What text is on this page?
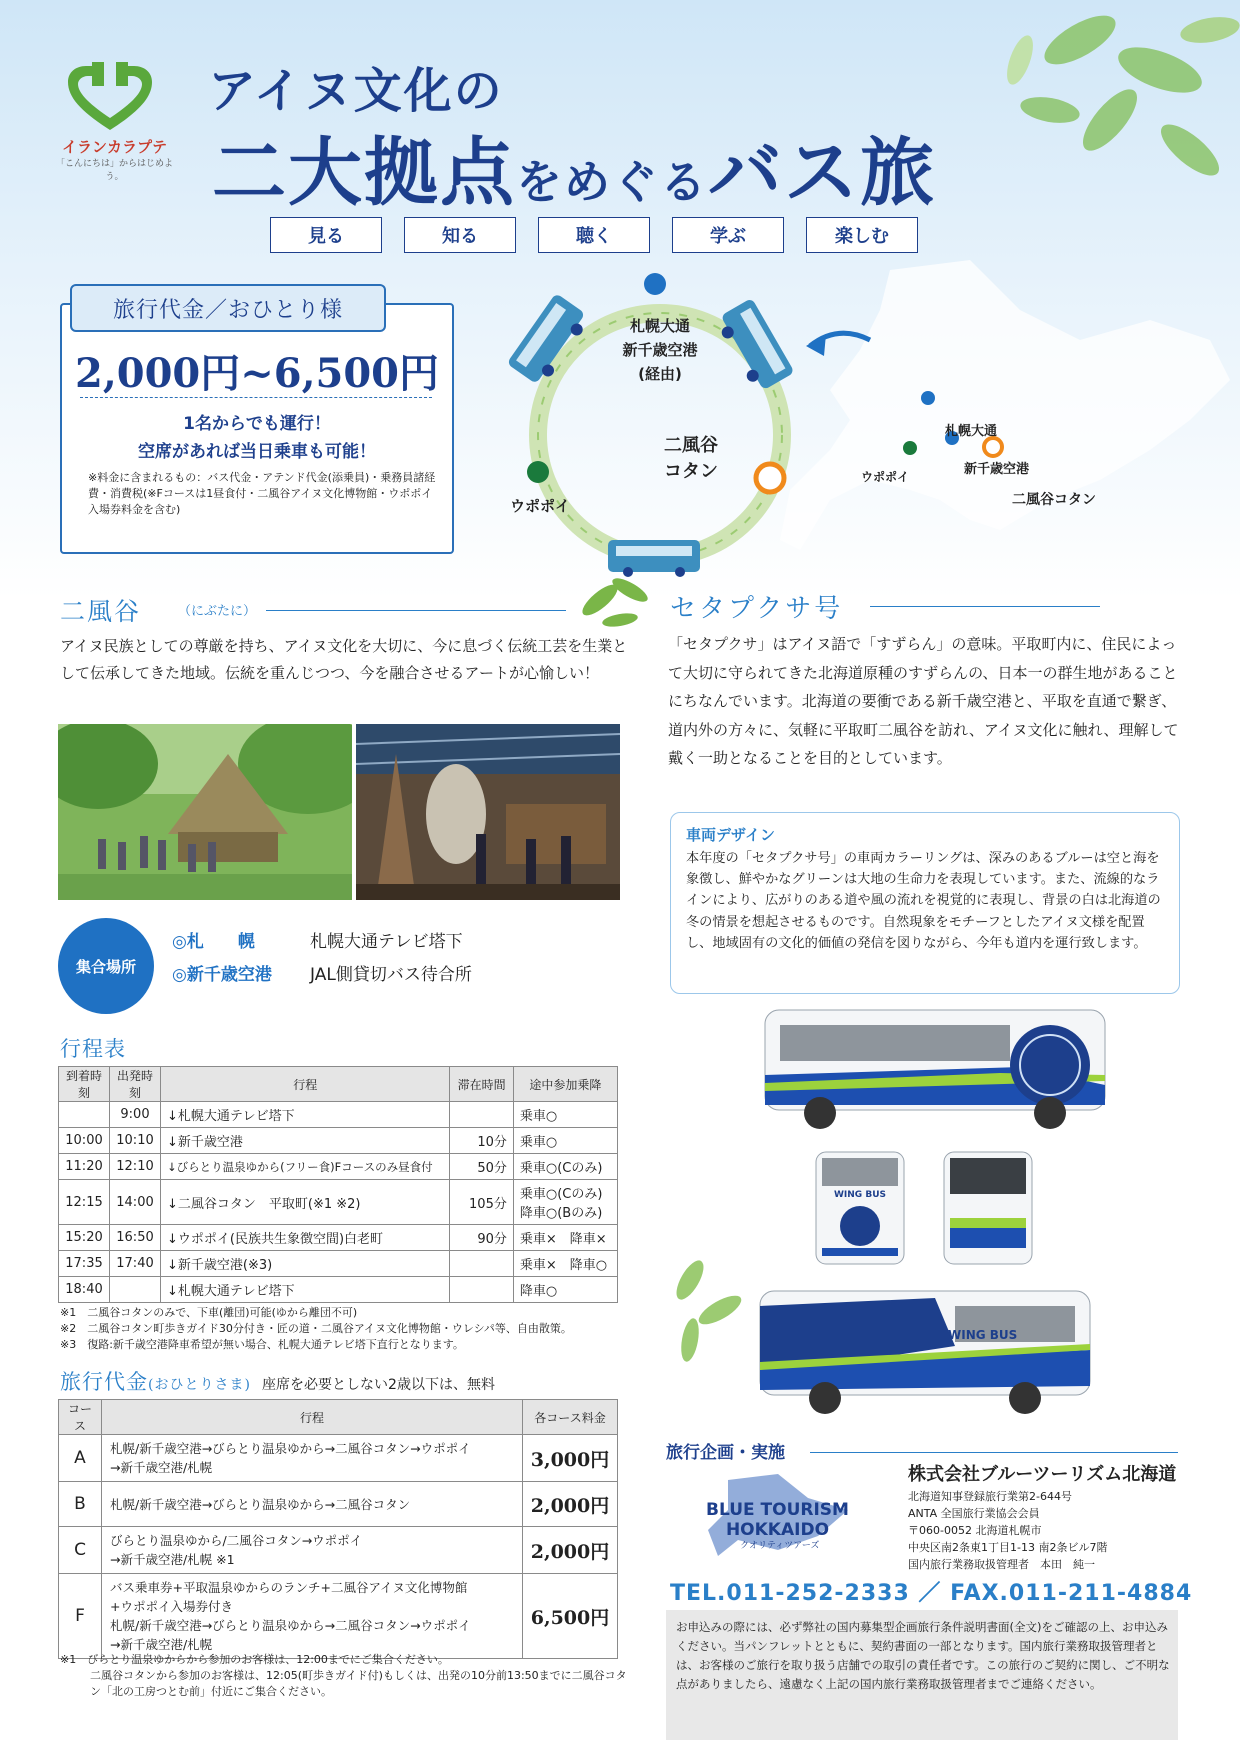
イランカラプテ
「こんにちは」からはじめよう。
アイヌ文化の
二大拠点をめぐるバス旅
見る	知る	聴く	学ぶ	楽しむ
旅行代金／おひとり様
2,000円~6,500円
1名からでも運行！
空席があれば当日乗車も可能！
※料金に含まれるもの：バス代金・アテンド代金(添乗員)・乗務員諸経費・消費税(※Fコースは1昼食付・二風谷アイヌ文化博物館・ウポポイ入場券料金を含む)
札幌大通
新千歳空港
(経由)
二風谷
コタン
ウポポイ
札幌大通
新千歳空港
ウポポイ
二風谷コタン
二風谷	（にぶたに）
アイヌ民族としての尊厳を持ち、アイヌ文化を大切に、今に息づく伝統工芸を生業として伝承してきた地域。伝統を重んじつつ、今を融合させるアートが心愉しい！
セタプクサ号
「セタプクサ」はアイヌ語で「すずらん」の意味。平取町内に、住民によって大切に守られてきた北海道原種のすずらんの、日本一の群生地があることにちなんでいます。北海道の要衝である新千歳空港と、平取を直通で繋ぎ、道内外の方々に、気軽に平取町二風谷を訪れ、アイヌ文化に触れ、理解して戴く一助となることを目的としています。
車両デザイン
本年度の「セタプクサ号」の車両カラーリングは、深みのあるブルーは空と海を象徴し、鮮やかなグリーンは大地の生命力を表現しています。また、流線的なラインにより、広がりのある道や風の流れを視覚的に表現し、背景の白は北海道の冬の情景を想起させるものです。自然現象をモチーフとしたアイヌ文様を配置し、地域固有の文化的価値の発信を図りながら、今年も道内を運行致します。
集合場所
◎札　　幌	札幌大通テレビ塔下
◎新千歳空港 JAL側貸切バス待合所
行程表
到着時刻	出発時刻	行程	滞在時間	途中参加乗降
	9:00	↓札幌大通テレビ塔下		乗車○
10:00	10:10	↓新千歳空港	10分	乗車○
11:20	12:10	↓びらとり温泉ゆから(フリー食)Fコースのみ昼食付	50分	乗車○(Cのみ)
12:15	14:00	↓二風谷コタン　平取町(※1 ※2)	105分	乗車○(Cのみ)
降車○(Bのみ)

15:20	16:50	↓ウポポイ(民族共生象徴空間)白老町	90分	乗車×　降車×
17:35	17:40	↓新千歳空港(※3)		乗車×　降車○
18:40		↓札幌大通テレビ塔下		降車○
※1　二風谷コタンのみで、下車(離団)可能(ゆから離団不可)
※2　二風谷コタン町歩きガイド30分付き・匠の道・二風谷アイヌ文化博物館・ウレシパ等、自由散策。
※3　復路:新千歳空港降車希望が無い場合、札幌大通テレビ塔下直行となります。
旅行代金(おひとりさま) 座席を必要としない2歳以下は、無料
コース	行程	各コース料金
A	札幌/新千歳空港→びらとり温泉ゆから→二風谷コタン→ウポポイ
→新千歳空港/札幌	3,000円
B	札幌/新千歳空港→びらとり温泉ゆから→二風谷コタン	2,000円
C	びらとり温泉ゆから/二風谷コタン→ウポポイ
→新千歳空港/札幌 ※1	2,000円
F	バス乗車券+平取温泉ゆからのランチ+二風谷アイヌ文化博物館
+ウポポイ入場券付き
札幌/新千歳空港→びらとり温泉ゆから→二風谷コタン→ウポポイ
→新千歳空港/札幌	6,500円
※1　びらとり温泉ゆからから参加のお客様は、12:00までにご集合ください。
二風谷コタンから参加のお客様は、12:05(町歩きガイド付)もしくは、出発の10分前13:50までに二風谷コタン「北の工房つとむ前」付近にご集合ください。
WING BUS
WING BUS
旅行企画・実施
BLUE TOURISM HOKKAIDO
クオリティツアーズ
株式会社ブルーツーリズム北海道
北海道知事登録旅行業第2-644号
ANTA 全国旅行業協会会員
〒060-0052 北海道札幌市
中央区南2条東1丁目1-13 南2条ビル7階
国内旅行業務取扱管理者　本田　純一
TEL.011-252-2333 ／ FAX.011-211-4884
お申込みの際には、必ず弊社の国内募集型企画旅行条件説明書面(全文)をご確認の上、お申込みください。当パンフレットとともに、契約書面の一部となります。国内旅行業務取扱管理者とは、お客様のご旅行を取り扱う店舗での取引の責任者です。この旅行のご契約に関し、ご不明な点がありましたら、遠慮なく上記の国内旅行業務取扱管理者までご連絡ください。
